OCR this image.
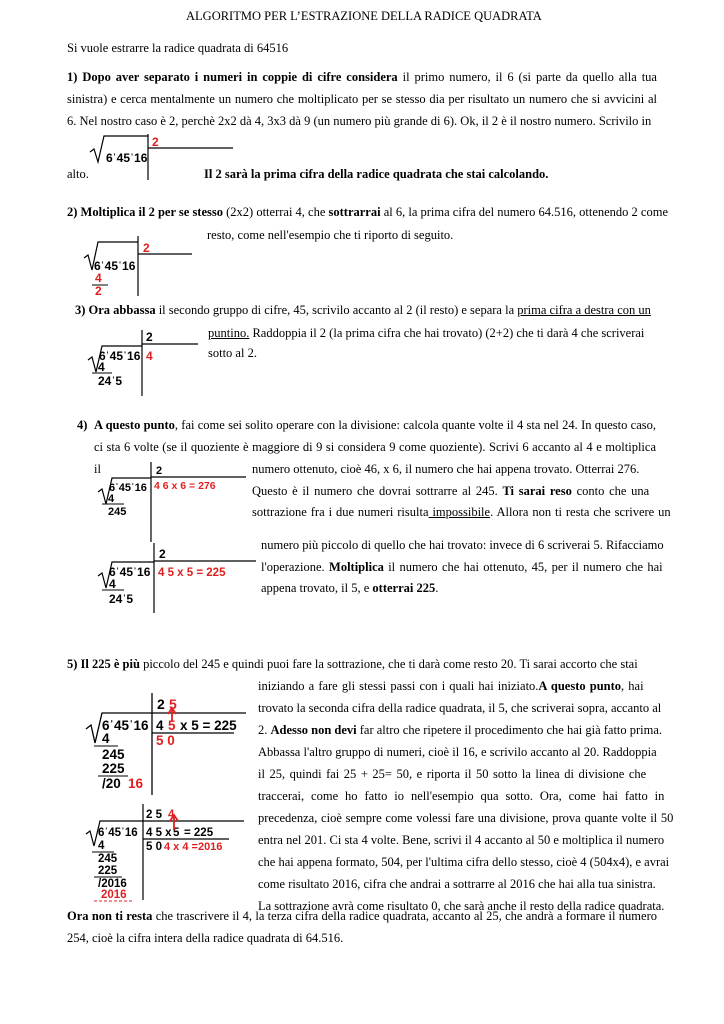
ALGORITMO PER L’ESTRAZIONE DELLA RADICE QUADRATA
Si vuole estrarre la radice quadrata di 64516
1) Dopo aver separato i numeri in coppie di cifre considera il primo numero, il 6 (si parte da quello alla tua sinistra) e cerca mentalmente un numero che moltiplicato per se stesso dia per risultato un numero che si avvicini al 6. Nel nostro caso è 2, perchè 2x2 dà 4, 3x3 dà 9 (un numero più grande di 6). Ok, il 2 è il nostro numero. Scrivilo in
alto.	Il 2 sarà la prima cifra della radice quadrata che stai calcolando.
2
6ˈ45ˈ16
2) Moltiplica il 2 per se stesso (2x2) otterrai 4, che sottrarrai al 6, la prima cifra del numero 64.516, ottenendo 2 come
resto, come nell'esempio che ti riporto di seguito.
2
6ˈ45ˈ16
4
2
3) Ora abbassa il secondo gruppo di cifre, 45, scrivilo accanto al 2 (il resto) e separa la prima cifra a destra con un
puntino. Raddoppia il 2 (la prima cifra che hai trovato) (2+2) che ti darà 4 che scriverai
sotto al 2.
2
6ˈ45ˈ16 4
4
24ˈ5
4) A questo punto, fai come sei solito operare con la divisione: calcola quante volte il 4 sta nel 24. In questo caso, ci sta 6 volte (se il quoziente è maggiore di 9 si considera 9 come quoziente). Scrivi 6 accanto al 4 e moltiplica il	numero ottenuto, cioè 46, x 6, il numero che hai appena trovato. Otterrai 276.
Questo è il numero che dovrai sottrarre al 245. Ti sarai reso conto che una
sottrazione fra i due numeri risulta impossibile. Allora non ti resta che scrivere un
numero più piccolo di quello che hai trovato: invece di 6 scriverai 5. Rifacciamo
l'operazione. Moltiplica il numero che hai ottenuto, 45, per il numero che hai
appena trovato, il 5, e otterrai 225.
2
6ˈ45ˈ16 4 6 x 6 = 276
4
245
2
6ˈ45ˈ16 4 5 x 5 = 225
4
24ˈ5
5) Il 225 è più piccolo del 245 e quindi puoi fare la sottrazione, che ti darà come resto 20. Ti sarai accorto che stai
iniziando a fare gli stessi passi con i quali hai iniziato.A questo punto, hai
trovato la seconda cifra della radice quadrata, il 5, che scriverai sopra, accanto al
2. Adesso non devi far altro che ripetere il procedimento che hai già fatto prima.
Abbassa l'altro gruppo di numeri, cioè il 16, e scrivilo accanto al 20. Raddoppia
il 25, quindi fai 25 + 25= 50, e riporta il 50 sotto la linea di divisione che
traccerai, come ho fatto io nell'esempio qua sotto. Ora, come hai fatto in
precedenza, cioè sempre come volessi fare una divisione, prova quante volte il 50
entra nel 201. Ci sta 4 volte. Bene, scrivi il 4 accanto al 50 e moltiplica il numero
che hai appena formato, 504, per l'ultima cifra dello stesso, cioè 4 (504x4), e avrai
come risultato 2016, cifra che andrai a sottrarre al 2016 che hai alla tua sinistra.
La sottrazione avrà come risultato 0, che sarà anche il resto della radice quadrata.
2 5
6ˈ45ˈ16 4 5 x 5 = 225
5 0
4
245
225
/20 16
2 5 4
6ˈ45ˈ16 4 5 x 5 = 225
5 0 4 x 4 =2016
4
245
225
/2016
2016
Ora non ti resta che trascrivere il 4, la terza cifra della radice quadrata, accanto al 25, che andrà a formare il numero 254, cioè la cifra intera della radice quadrata di 64.516.
